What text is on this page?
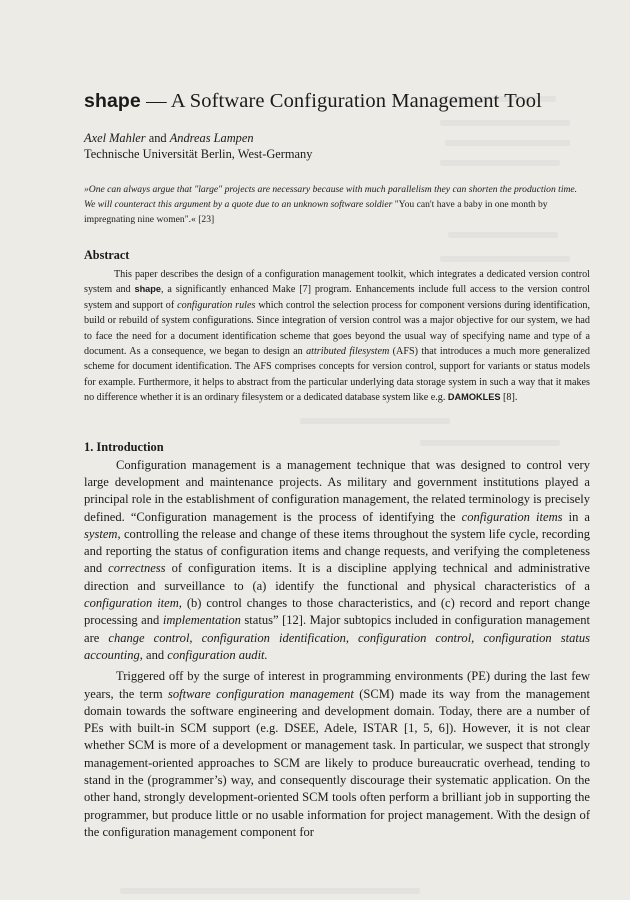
shape — A Software Configuration Management Tool
Axel Mahler and Andreas Lampen
Technische Universität Berlin, West-Germany
»One can always argue that "large" projects are necessary because with much parallelism they can shorten the production time. We will counteract this argument by a quote due to an unknown software soldier "You can't have a baby in one month by impregnating nine women".« [23]
Abstract

This paper describes the design of a configuration management toolkit, which integrates a dedicated version control system and shape, a significantly enhanced Make [7] program. Enhancements include full access to the version control system and support of configuration rules which control the selection process for component versions during identification, build or rebuild of system configurations. Since integration of version control was a major objective for our system, we had to face the need for a document identification scheme that goes beyond the usual way of specifying name and type of a document. As a consequence, we began to design an attributed filesystem (AFS) that introduces a much more generalized scheme for document identification. The AFS comprises concepts for version control, support for variants or status models for example. Furthermore, it helps to abstract from the particular underlying data storage system in such a way that it makes no difference whether it is an ordinary filesystem or a dedicated database system like e.g. DAMOKLES [8].

1. Introduction

Configuration management is a management technique that was designed to control very large development and maintenance projects. As military and government institutions played a principal role in the establishment of configuration management, the related terminology is precisely defined. “Configuration management is the process of identifying the configuration items in a system, controlling the release and change of these items throughout the system life cycle, recording and reporting the status of configuration items and change requests, and verifying the completeness and correctness of configuration items. It is a discipline applying technical and administrative direction and surveillance to (a) identify the functional and physical characteristics of a configuration item, (b) control changes to those characteristics, and (c) record and report change processing and implementation status” [12]. Major subtopics included in configuration management are change control, configuration identification, configuration control, configuration status accounting, and configuration audit.

Triggered off by the surge of interest in programming environments (PE) during the last few years, the term software configuration management (SCM) made its way from the management domain towards the software engineering and development domain. Today, there are a number of PEs with built-in SCM support (e.g. DSEE, Adele, ISTAR [1, 5, 6]). However, it is not clear whether SCM is more of a development or management task. In particular, we suspect that strongly management-oriented approaches to SCM are likely to produce bureaucratic overhead, tending to stand in the (programmer’s) way, and consequently discourage their systematic application. On the other hand, strongly development-oriented SCM tools often perform a brilliant job in supporting the programmer, but produce little or no usable information for project management. With the design of the configuration management component for
